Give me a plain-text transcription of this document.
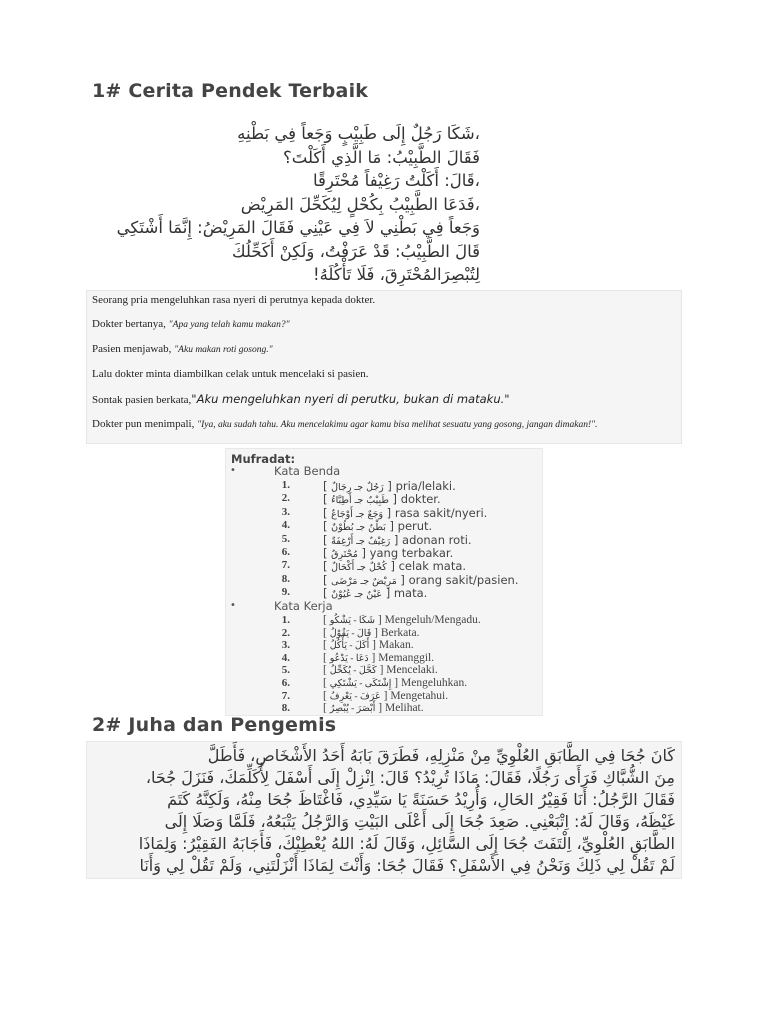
1# Cerita Pendek Terbaik
،شَكَا رَجُلٌ إِلَى طَبِيْبٍ وَجَعاً فِي بَطْنِهِ
فَقَالَ الطَّبِيْبُ: مَا الَّذِي أَكَلْتَ؟
،قَالَ: أَكَلْتُ رَغِيْفاً مُحْتَرِقًا
،فَدَعَا الطَّبِيْبُ بِكُحْلٍ لِيُكَحِّلَ المَرِيْض
وَجَعاً فِي بَطْنِي لاَ فِي عَيْنِي فَقَالَ المَرِيْضُ: إِنَّمَا أَشْتَكِي
قَالَ الطَّبِيْبُ: قَدْ عَرَفْتُ، وَلَكِنْ أَكَحِّلُكَ
لِتُبْصِرَالمُحْتَرِقَ، فَلَا تَأْكُلَهُ!

Seorang pria mengeluhkan rasa nyeri di perutnya kepada dokter.

Dokter bertanya, "Apa yang telah kamu makan?"

Pasien menjawab, "Aku makan roti gosong."

Lalu dokter minta diambilkan celak untuk mencelaki si pasien.

Sontak pasien berkata,"Aku mengeluhkan nyeri di perutku, bukan di mataku."

Dokter pun menimpali, "Iya, aku sudah tahu. Aku mencelakimu agar kamu bisa melihat sesuatu yang gosong, jangan dimakan!".

Mufradat:
•	Kata Benda
1.	[ رَجُلٌ جـ رِجَالٌ ] pria/lelaki.
2.	[ طَبِيْبٌ جـ أَطِبَّاءُ ] dokter.
3.	[ وَجَعٌ جـ أَوْجَاعٌ ] rasa sakit/nyeri.
4.	[ بَطْنٌ جـ بُطُوْنٌ ] perut.
5.	[ رَغِيْفٌ جـ أَرْغِفَةٌ ] adonan roti.
6.	[ مُحْتَرِقٌ ] yang terbakar.
7.	[ كُحْلٌ جـ أَكْحَالٌ ] celak mata.
8.	[ مَرِيْضٌ جـ مَرْضَى ] orang sakit/pasien.
9.	[ عَيْنٌ جـ عُيُوْنٌ ] mata.
•	Kata Kerja
1.	[ شَكَا - يَشْكُو ] Mengeluh/Mengadu.
2.	[ قَالَ - يَقُوْلُ ] Berkata.
3.	[ أَكَلَ - يَأْكُلُ ] Makan.
4.	[ دَعَا - يَدْعُو ] Memanggil.
5.	[ كَحَّلَ - يُكَحِّلُ ] Mencelaki.
6.	[ إِشْتَكَى - يَشْتَكِي ] Mengeluhkan.
7.	[ عَرَفَ - يَعْرِفُ ] Mengetahui.
8.	[ أَبْصَرَ - يُبْصِرُ ] Melihat.
2# Juha dan Pengemis
كَانَ جُحَا فِي الطَّابَقِ العُلْوِيِّ مِنْ مَنْزِلِهِ، فَطَرَقَ بَابَهُ أَحَدُ الأَشْخَاصِ، فَأَطَلَّ
مِنَ الشُّبَّاكِ فَرَأَى رَجُلًا، فَقَالَ: مَاذَا تُرِيْدُ؟ قَالَ: اِنْزِلْ إِلَى أَسْفَلَ لِأُكَلِّمَكَ، فَنَزَلَ جُحَا،
فَقَالَ الرَّجُلُ: أَنَا فَقِيْرُ الحَالِ، وَأُرِيْدُ حَسَنَةً يَا سَيِّدِي، فَاغْتَاظَ جُحَا مِنْهُ، وَلَكِنَّهُ كَتَمَ
غَيْظَهُ، وَقَالَ لَهُ: اِتْبَعْنِي. صَعِدَ جُحَا إِلَى أَعْلَى البَيْتِ وَالرَّجُلُ يَتْبَعُهُ، فَلَمَّا وَصَلَا إِلَى
الطَّابَقِ العُلْوِيِّ، اِلْتَفَتَ جُحَا إِلَى السَّائِلِ، وَقَالَ لَهُ: اللهُ يُعْطِيْكَ، فَأَجَابَهُ الفَقِيْرُ: وَلِمَاذَا
لَمْ تَقُلْ لِي ذَلِكَ وَنَحْنُ فِي الأَسْفَلِ؟ فَقَالَ جُحَا: وَأَنْتَ لِمَاذَا أَنْزَلْتَنِي، وَلَمْ تَقُلْ لِي وَأَنَا
